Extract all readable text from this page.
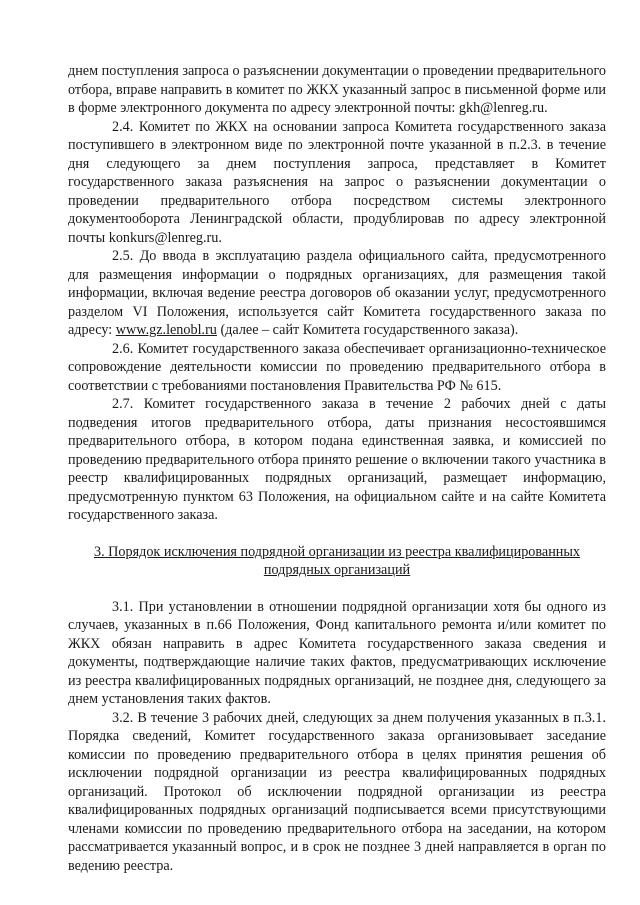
днем поступления запроса о разъяснении документации о проведении предварительного отбора, вправе направить в комитет по ЖКХ указанный запрос в письменной форме или в форме электронного документа по адресу электронной почты: gkh@lenreg.ru.

2.4. Комитет по ЖКХ на основании запроса Комитета государственного заказа поступившего в электронном виде по электронной почте указанной в п.2.3. в течение дня следующего за днем поступления запроса, представляет в Комитет государственного заказа разъяснения на запрос о разъяснении документации о проведении предварительного отбора посредством системы электронного документооборота Ленинградской области, продублировав по адресу электронной почты konkurs@lenreg.ru.

2.5. До ввода в эксплуатацию раздела официального сайта, предусмотренного для размещения информации о подрядных организациях, для размещения такой информации, включая ведение реестра договоров об оказании услуг, предусмотренного разделом VI Положения, используется сайт Комитета государственного заказа по адресу: www.gz.lenobl.ru (далее – сайт Комитета государственного заказа).

2.6. Комитет государственного заказа обеспечивает организационно-техническое сопровождение деятельности комиссии по проведению предварительного отбора в соответствии с требованиями постановления Правительства РФ № 615.

2.7. Комитет государственного заказа в течение 2 рабочих дней с даты подведения итогов предварительного отбора, даты признания несостоявшимся предварительного отбора, в котором подана единственная заявка, и комиссией по проведению предварительного отбора принято решение о включении такого участника в реестр квалифицированных подрядных организаций, размещает информацию, предусмотренную пунктом 63 Положения, на официальном сайте и на сайте Комитета государственного заказа.

3. Порядок исключения подрядной организации из реестра квалифицированных подрядных организаций

3.1. При установлении в отношении подрядной организации хотя бы одного из случаев, указанных в п.66 Положения, Фонд капитального ремонта и/или комитет по ЖКХ обязан направить в адрес Комитета государственного заказа сведения и документы, подтверждающие наличие таких фактов, предусматривающих исключение из реестра квалифицированных подрядных организаций, не позднее дня, следующего за днем установления таких фактов.

3.2. В течение 3 рабочих дней, следующих за днем получения указанных в п.3.1. Порядка сведений, Комитет государственного заказа организовывает заседание комиссии по проведению предварительного отбора в целях принятия решения об исключении подрядной организации из реестра квалифицированных подрядных организаций. Протокол об исключении подрядной организации из реестра квалифицированных подрядных организаций подписывается всеми присутствующими членами комиссии по проведению предварительного отбора на заседании, на котором рассматривается указанный вопрос, и в срок не позднее 3 дней направляется в орган по ведению реестра.
